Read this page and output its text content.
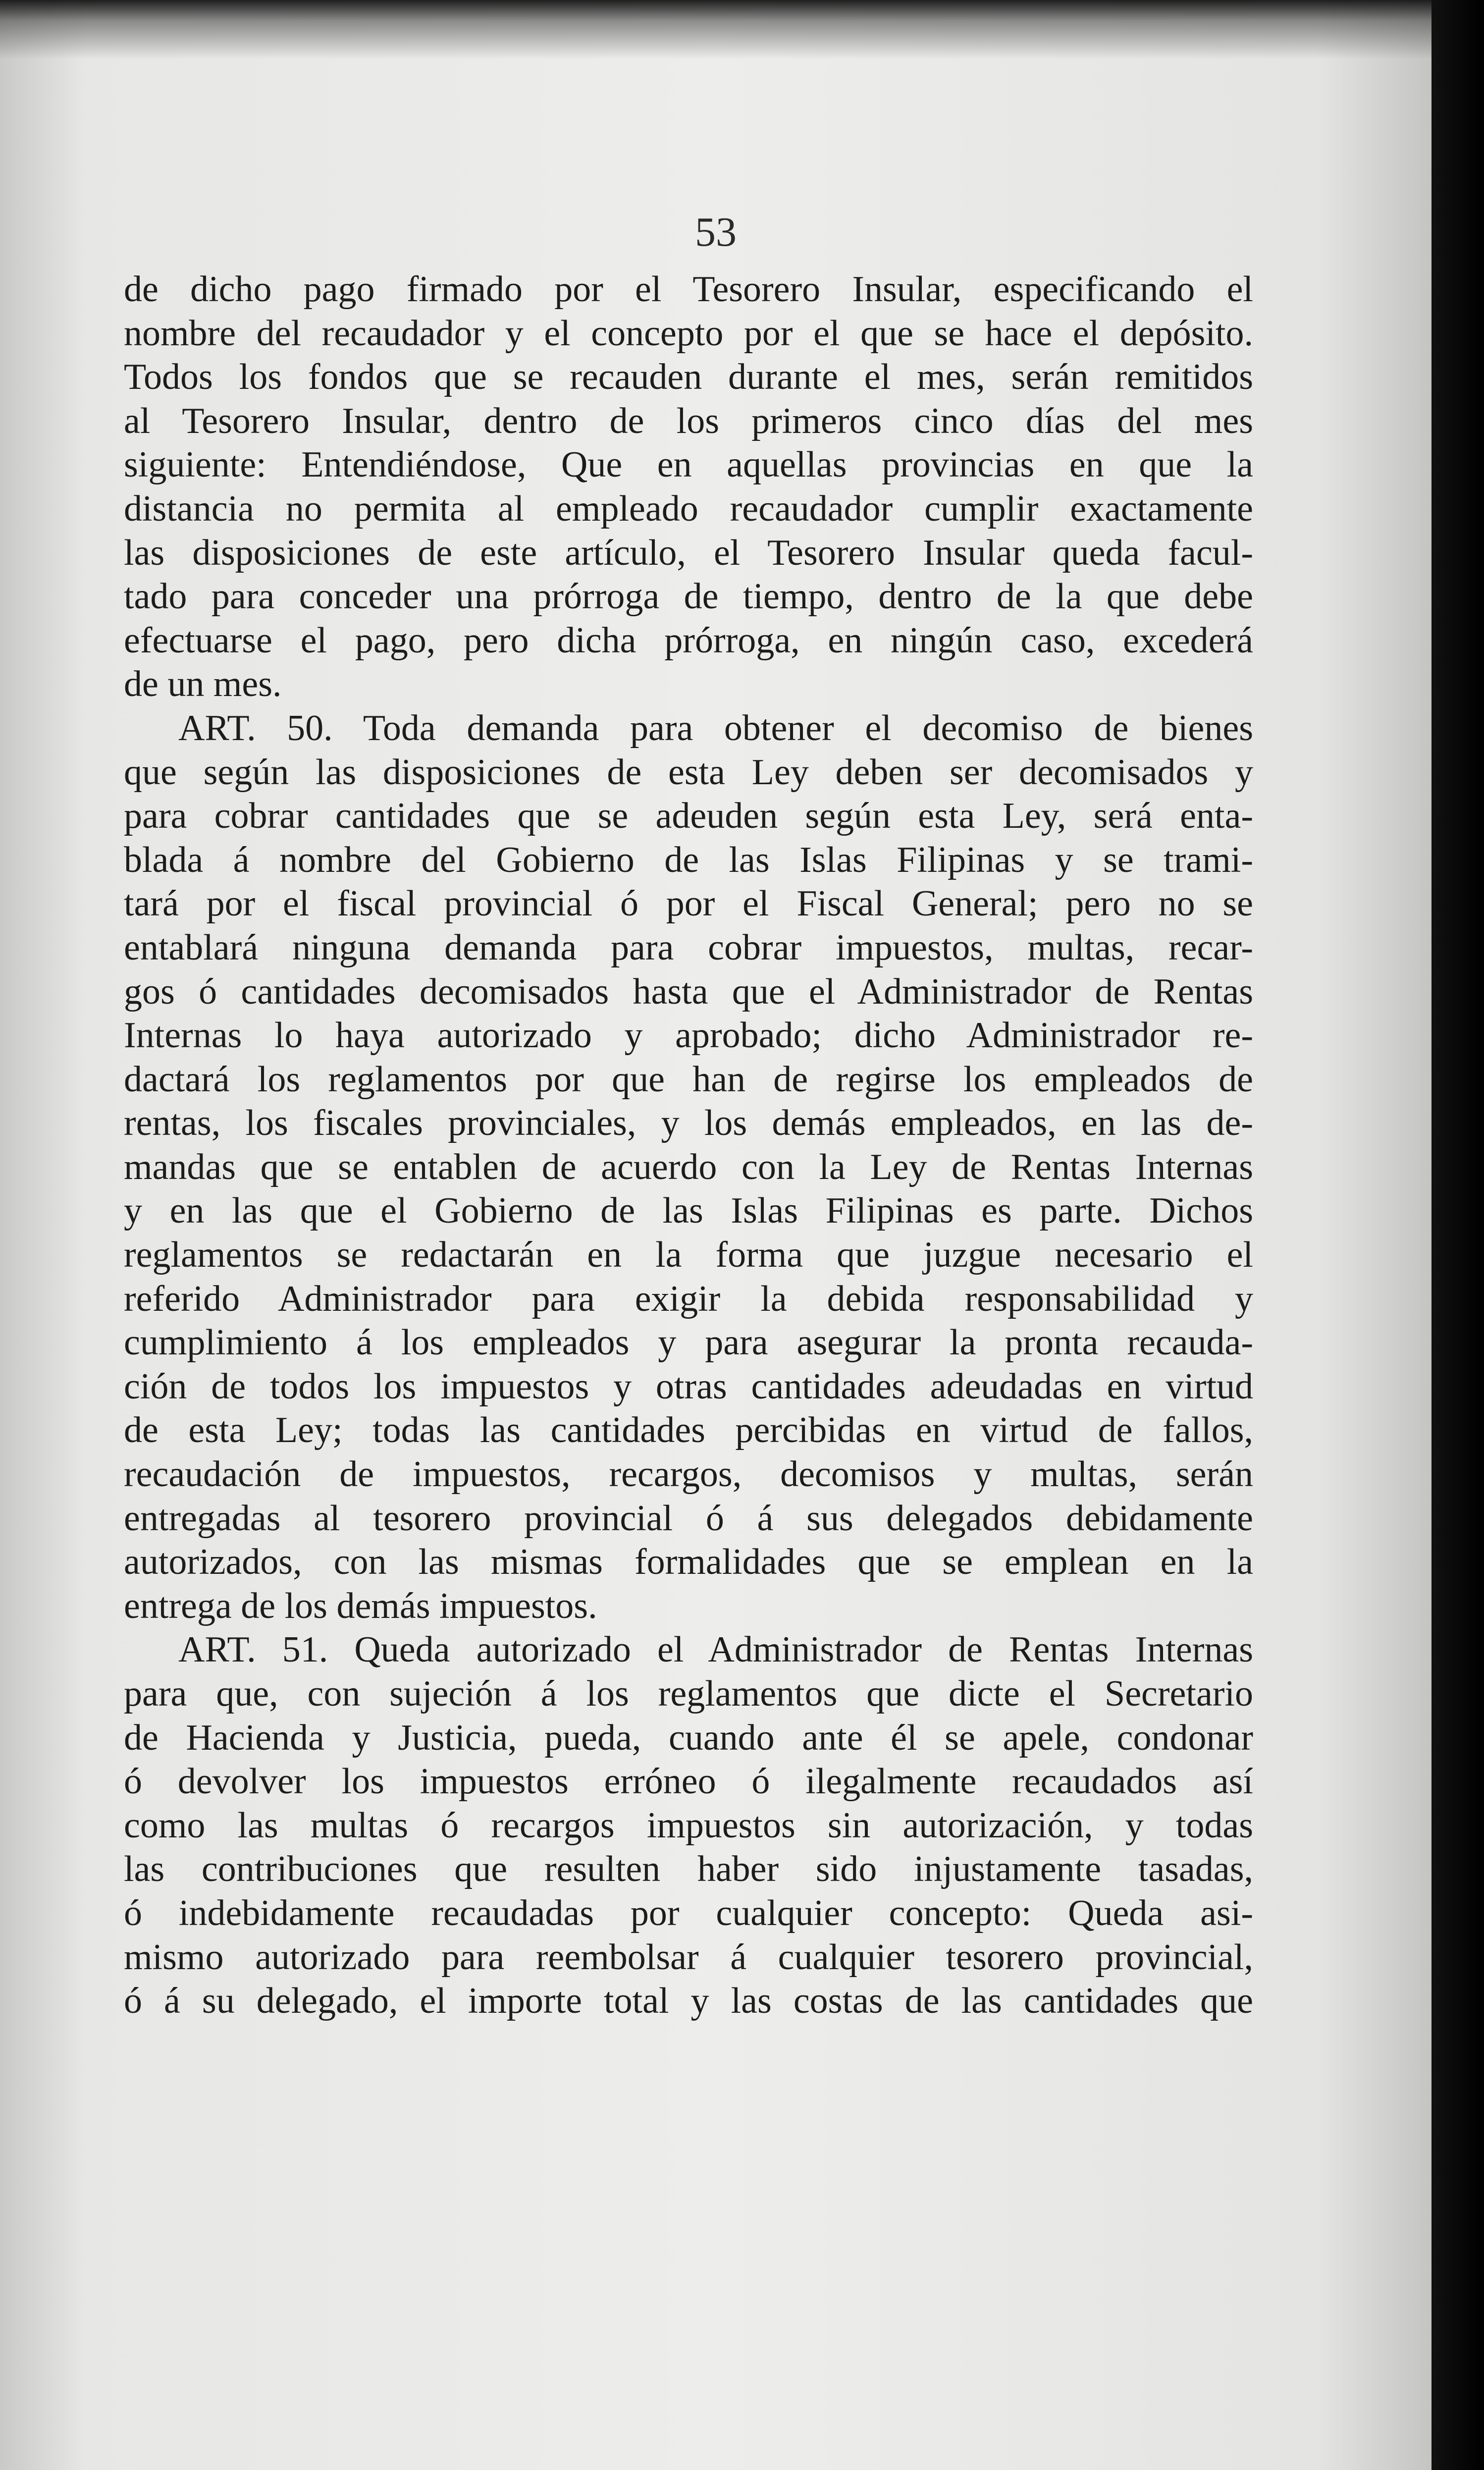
53

de dicho pago firmado por el Tesorero Insular, especificando el
nombre del recaudador y el concepto por el que se hace el depósito.
Todos los fondos que se recauden durante el mes, serán remitidos
al Tesorero Insular, dentro de los primeros cinco días del mes
siguiente: Entendiéndose, Que en aquellas provincias en que la
distancia no permita al empleado recaudador cumplir exactamente
las disposiciones de este artículo, el Tesorero Insular queda facul-
tado para conceder una prórroga de tiempo, dentro de la que debe
efectuarse el pago, pero dicha prórroga, en ningún caso, excederá
de un mes.

ART. 50. Toda demanda para obtener el decomiso de bienes
que según las disposiciones de esta Ley deben ser decomisados y
para cobrar cantidades que se adeuden según esta Ley, será enta-
blada á nombre del Gobierno de las Islas Filipinas y se trami-
tará por el fiscal provincial ó por el Fiscal General; pero no se
entablará ninguna demanda para cobrar impuestos, multas, recar-
gos ó cantidades decomisados hasta que el Administrador de Rentas
Internas lo haya autorizado y aprobado; dicho Administrador re-
dactará los reglamentos por que han de regirse los empleados de
rentas, los fiscales provinciales, y los demás empleados, en las de-
mandas que se entablen de acuerdo con la Ley de Rentas Internas
y en las que el Gobierno de las Islas Filipinas es parte. Dichos
reglamentos se redactarán en la forma que juzgue necesario el
referido Administrador para exigir la debida responsabilidad y
cumplimiento á los empleados y para asegurar la pronta recauda-
ción de todos los impuestos y otras cantidades adeudadas en virtud
de esta Ley; todas las cantidades percibidas en virtud de fallos,
recaudación de impuestos, recargos, decomisos y multas, serán
entregadas al tesorero provincial ó á sus delegados debidamente
autorizados, con las mismas formalidades que se emplean en la
entrega de los demás impuestos.

ART. 51. Queda autorizado el Administrador de Rentas Internas
para que, con sujeción á los reglamentos que dicte el Secretario
de Hacienda y Justicia, pueda, cuando ante él se apele, condonar
ó devolver los impuestos erróneo ó ilegalmente recaudados así
como las multas ó recargos impuestos sin autorización, y todas
las contribuciones que resulten haber sido injustamente tasadas,
ó indebidamente recaudadas por cualquier concepto: Queda asi-
mismo autorizado para reembolsar á cualquier tesorero provincial,
ó á su delegado, el importe total y las costas de las cantidades que
